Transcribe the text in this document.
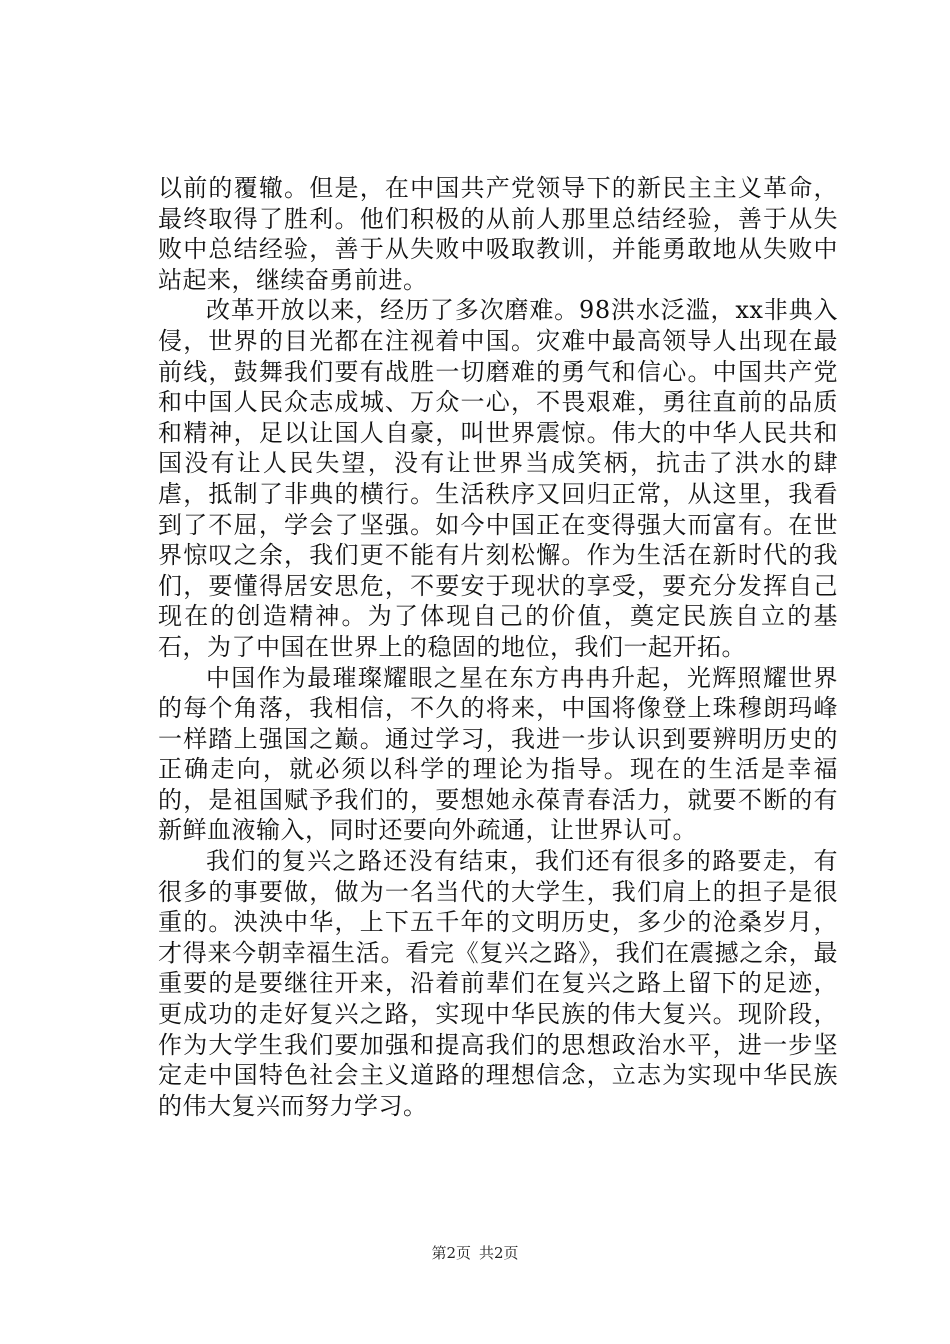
以前的覆辙。但是，在中国共产党领导下的新民主主义革命，最终取得了胜利。他们积极的从前人那里总结经验，善于从失败中总结经验，善于从失败中吸取教训，并能勇敢地从失败中站起来，继续奋勇前进。

改革开放以来，经历了多次磨难。98洪水泛滥，xx非典入侵，世界的目光都在注视着中国。灾难中最高领导人出现在最前线，鼓舞我们要有战胜一切磨难的勇气和信心。中国共产党和中国人民众志成城、万众一心，不畏艰难，勇往直前的品质和精神，足以让国人自豪，叫世界震惊。伟大的中华人民共和国没有让人民失望，没有让世界当成笑柄，抗击了洪水的肆虐，抵制了非典的横行。生活秩序又回归正常，从这里，我看到了不屈，学会了坚强。如今中国正在变得强大而富有。在世界惊叹之余，我们更不能有片刻松懈。作为生活在新时代的我们，要懂得居安思危，不要安于现状的享受，要充分发挥自己现在的创造精神。为了体现自己的价值，奠定民族自立的基石，为了中国在世界上的稳固的地位，我们一起开拓。

中国作为最璀璨耀眼之星在东方冉冉升起，光辉照耀世界的每个角落，我相信，不久的将来，中国将像登上珠穆朗玛峰一样踏上强国之巅。通过学习，我进一步认识到要辨明历史的正确走向，就必须以科学的理论为指导。现在的生活是幸福的，是祖国赋予我们的，要想她永葆青春活力，就要不断的有新鲜血液输入，同时还要向外疏通，让世界认可。

我们的复兴之路还没有结束，我们还有很多的路要走，有很多的事要做，做为一名当代的大学生，我们肩上的担子是很重的。泱泱中华，上下五千年的文明历史，多少的沧桑岁月，才得来今朝幸福生活。看完《复兴之路》，我们在震撼之余，最重要的是要继往开来，沿着前辈们在复兴之路上留下的足迹，更成功的走好复兴之路，实现中华民族的伟大复兴。现阶段，作为大学生我们要加强和提高我们的思想政治水平，进一步坚定走中国特色社会主义道路的理想信念，立志为实现中华民族的伟大复兴而努力学习。

第2页 共2页
